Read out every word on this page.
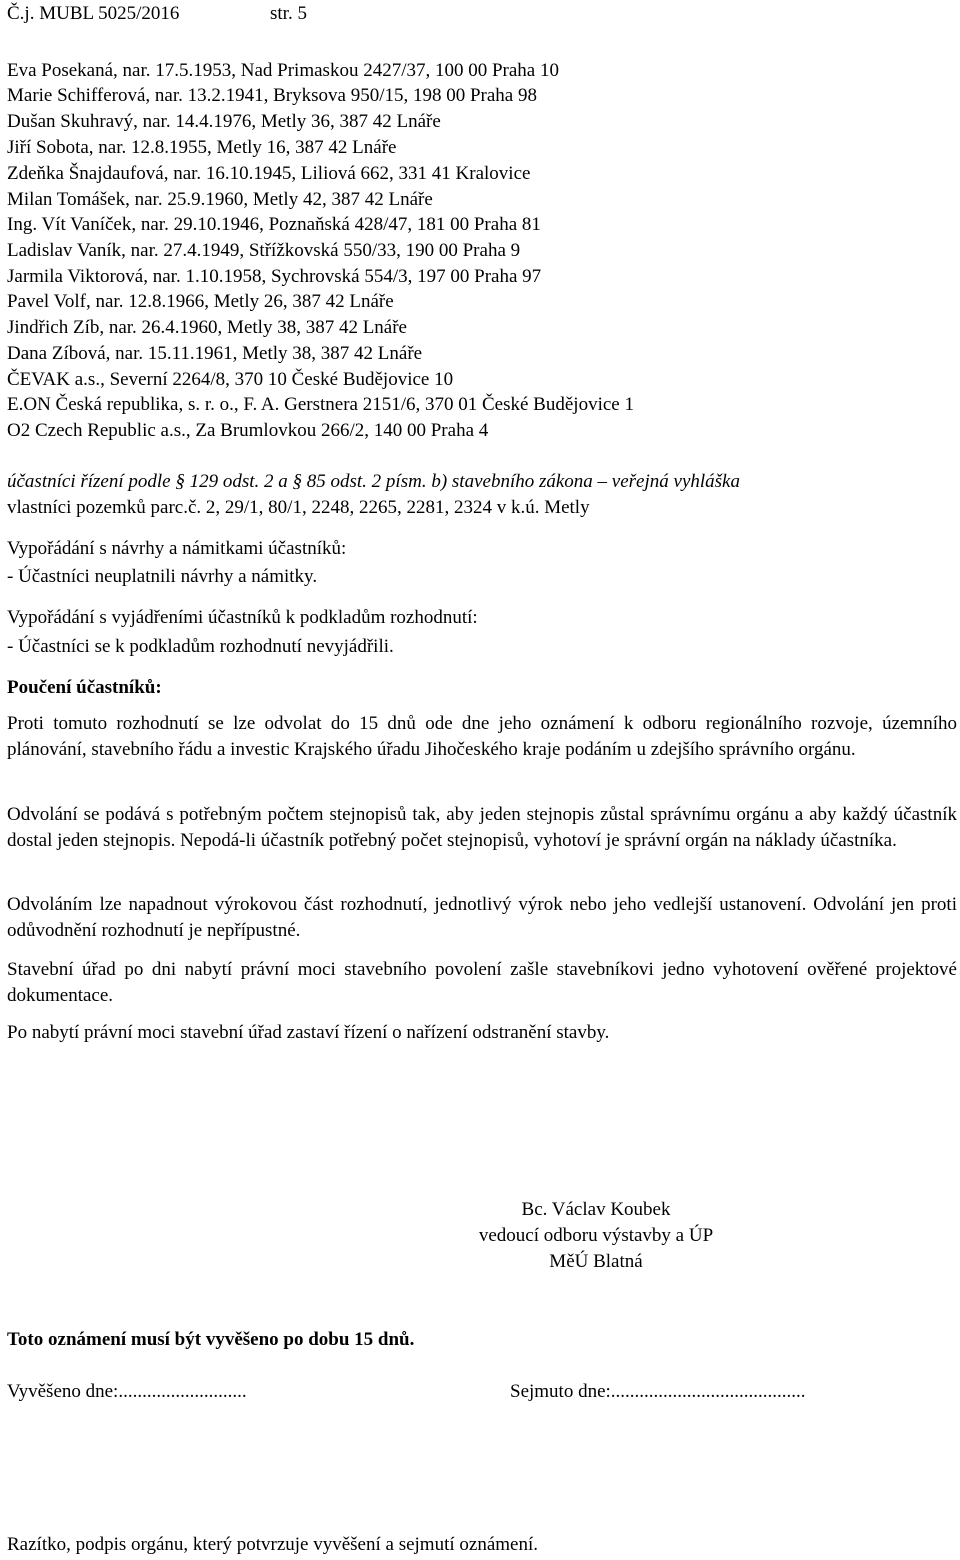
Č.j. MUBL 5025/2016	str. 5
Eva Posekaná, nar. 17.5.1953, Nad Primaskou 2427/37, 100 00 Praha 10
Marie Schifferová, nar. 13.2.1941, Bryksova 950/15, 198 00 Praha 98
Dušan Skuhravý, nar. 14.4.1976, Metly 36, 387 42 Lnáře
Jiří Sobota, nar. 12.8.1955, Metly 16, 387 42 Lnáře
Zdeňka Šnajdaufová, nar. 16.10.1945, Liliová 662, 331 41 Kralovice
Milan Tomášek, nar. 25.9.1960, Metly 42, 387 42 Lnáře
Ing. Vít Vaníček, nar. 29.10.1946, Poznaňská 428/47, 181 00 Praha 81
Ladislav Vaník, nar. 27.4.1949, Střížkovská 550/33, 190 00 Praha 9
Jarmila Viktorová, nar. 1.10.1958, Sychrovská 554/3, 197 00 Praha 97
Pavel Volf, nar. 12.8.1966, Metly 26, 387 42 Lnáře
Jindřich Zíb, nar. 26.4.1960, Metly 38, 387 42 Lnáře
Dana Zíbová, nar. 15.11.1961, Metly 38, 387 42 Lnáře
ČEVAK a.s., Severní 2264/8, 370 10 České Budějovice 10
E.ON Česká republika, s. r. o., F. A. Gerstnera 2151/6, 370 01 České Budějovice 1
O2 Czech Republic a.s., Za Brumlovkou 266/2, 140 00 Praha 4
účastníci řízení podle § 129 odst. 2 a § 85 odst. 2 písm. b) stavebního zákona – veřejná vyhláška
vlastníci pozemků parc.č. 2, 29/1, 80/1, 2248, 2265, 2281, 2324 v k.ú. Metly
Vypořádání s návrhy a námitkami účastníků:
- Účastníci neuplatnili návrhy a námitky.
Vypořádání s vyjádřeními účastníků k podkladům rozhodnutí:
- Účastníci se k podkladům rozhodnutí nevyjádřili.
Poučení účastníků:
Proti tomuto rozhodnutí se lze odvolat do 15 dnů ode dne jeho oznámení k odboru regionálního rozvoje, územního plánování, stavebního řádu a investic Krajského úřadu Jihočeského kraje podáním u zdejšího správního orgánu.
Odvolání se podává s potřebným počtem stejnopisů tak, aby jeden stejnopis zůstal správnímu orgánu a aby každý účastník dostal jeden stejnopis. Nepodá-li účastník potřebný počet stejnopisů, vyhotoví je správní orgán na náklady účastníka.
Odvoláním lze napadnout výrokovou část rozhodnutí, jednotlivý výrok nebo jeho vedlejší ustanovení. Odvolání jen proti odůvodnění rozhodnutí je nepřípustné.
Stavební úřad po dni nabytí právní moci stavebního povolení zašle stavebníkovi jedno vyhotovení ověřené projektové dokumentace.
Po nabytí právní moci stavební úřad zastaví řízení o nařízení odstranění stavby.
Bc. Václav Koubek
vedoucí odboru výstavby a ÚP
MěÚ Blatná
Toto oznámení musí být vyvěšeno po dobu 15 dnů.
Vyvěšeno dne:...........................	Sejmuto dne:.........................................
Razítko, podpis orgánu, který potvrzuje vyvěšení a sejmutí oznámení.
